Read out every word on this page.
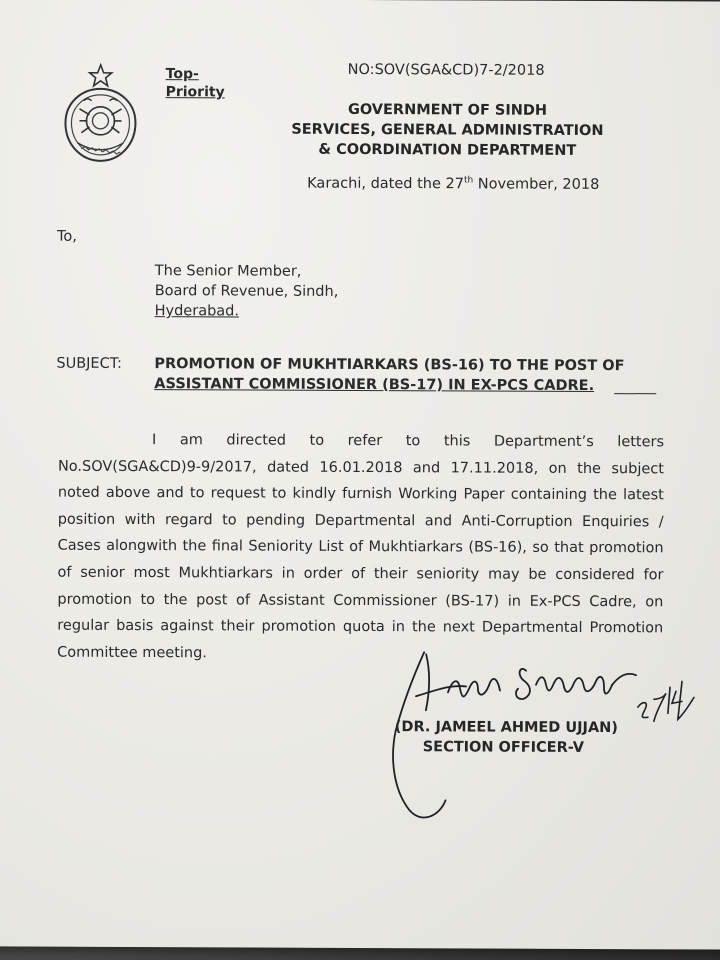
Top-
Priority
NO:SOV(SGA&CD)7-2/2018
GOVERNMENT OF SINDH
SERVICES, GENERAL ADMINISTRATION
& COORDINATION DEPARTMENT
Karachi, dated the 27th November, 2018
To,
The Senior Member,
Board of Revenue, Sindh,
Hyderabad.
SUBJECT: PROMOTION OF MUKHTIARKARS (BS-16) TO THE POST OF
ASSISTANT COMMISSIONER (BS-17) IN EX-PCS CADRE.
I am directed to refer to this Department’s letters
No.SOV(SGA&CD)9-9/2017, dated 16.01.2018 and 17.11.2018, on the subject
noted above and to request to kindly furnish Working Paper containing the latest
position with regard to pending Departmental and Anti-Corruption Enquiries /
Cases alongwith the final Seniority List of Mukhtiarkars (BS-16), so that promotion
of senior most Mukhtiarkars in order of their seniority may be considered for
promotion to the post of Assistant Commissioner (BS-17) in Ex-PCS Cadre, on
regular basis against their promotion quota in the next Departmental Promotion
Committee meeting.
(DR. JAMEEL AHMED UJJAN)
SECTION OFFICER-V
